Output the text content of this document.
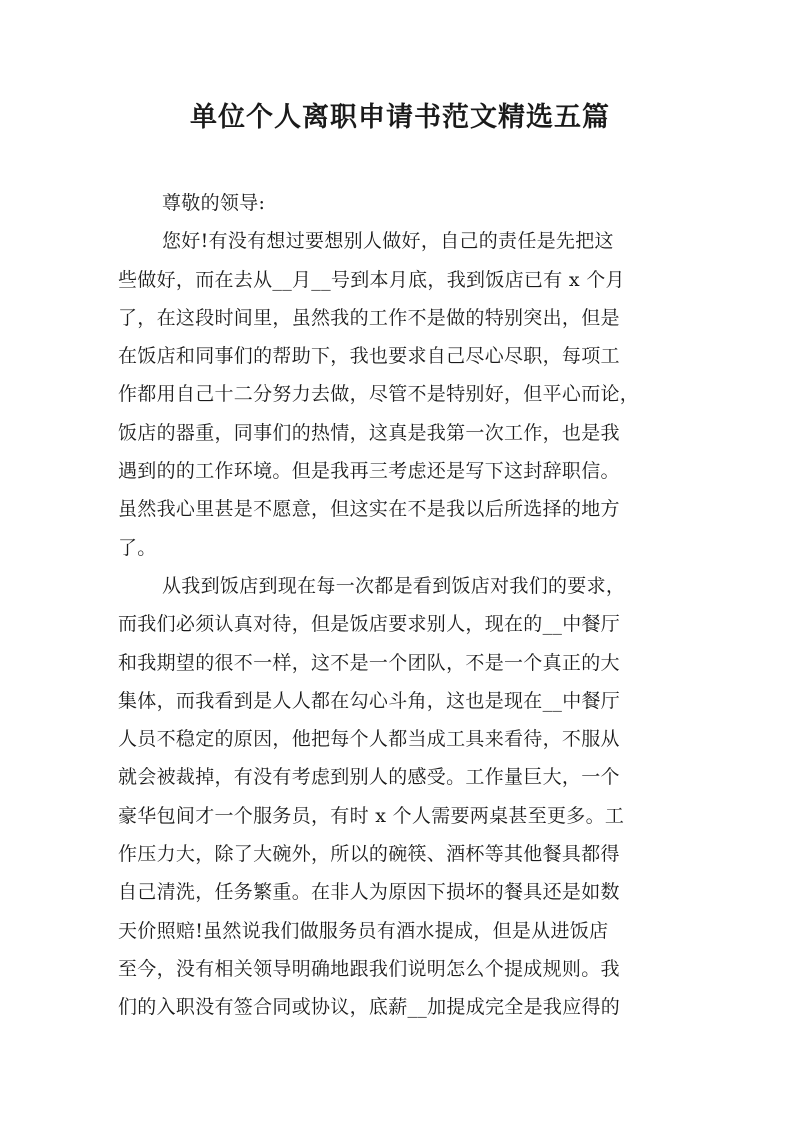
单位个人离职申请书范文精选五篇
尊敬的领导:
您好!有没有想过要想别人做好，自己的责任是先把这
些做好，而在去从__月__号到本月底，我到饭店已有 x 个月
了，在这段时间里，虽然我的工作不是做的特别突出，但是
在饭店和同事们的帮助下，我也要求自己尽心尽职，每项工
作都用自己十二分努力去做，尽管不是特别好，但平心而论，
饭店的器重，同事们的热情，这真是我第一次工作，也是我
遇到的的工作环境。但是我再三考虑还是写下这封辞职信。
虽然我心里甚是不愿意，但这实在不是我以后所选择的地方
了。
从我到饭店到现在每一次都是看到饭店对我们的要求，
而我们必须认真对待，但是饭店要求别人，现在的__中餐厅
和我期望的很不一样，这不是一个团队，不是一个真正的大
集体，而我看到是人人都在勾心斗角，这也是现在__中餐厅
人员不稳定的原因，他把每个人都当成工具来看待，不服从
就会被裁掉，有没有考虑到别人的感受。工作量巨大，一个
豪华包间才一个服务员，有时 x 个人需要两桌甚至更多。工
作压力大，除了大碗外，所以的碗筷、酒杯等其他餐具都得
自己清洗，任务繁重。在非人为原因下损坏的餐具还是如数
天价照赔!虽然说我们做服务员有酒水提成，但是从进饭店
至今，没有相关领导明确地跟我们说明怎么个提成规则。我
们的入职没有签合同或协议，底薪__加提成完全是我应得的
